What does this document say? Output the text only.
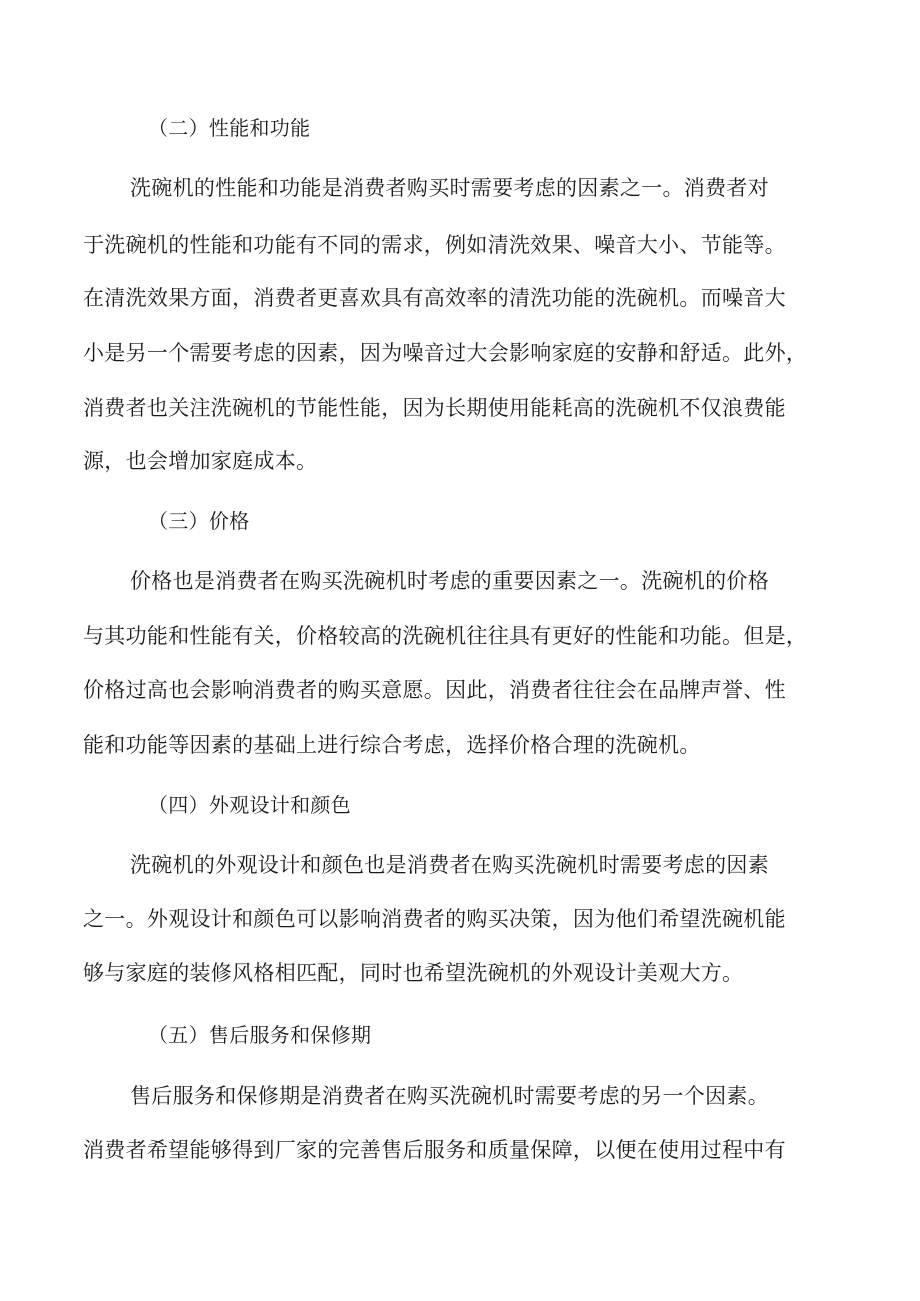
（二）性能和功能
洗碗机的性能和功能是消费者购买时需要考虑的因素之一。消费者对
于洗碗机的性能和功能有不同的需求，例如清洗效果、噪音大小、节能等。
在清洗效果方面，消费者更喜欢具有高效率的清洗功能的洗碗机。而噪音大
小是另一个需要考虑的因素，因为噪音过大会影响家庭的安静和舒适。此外，
消费者也关注洗碗机的节能性能，因为长期使用能耗高的洗碗机不仅浪费能
源，也会增加家庭成本。
（三）价格
价格也是消费者在购买洗碗机时考虑的重要因素之一。洗碗机的价格
与其功能和性能有关，价格较高的洗碗机往往具有更好的性能和功能。但是，
价格过高也会影响消费者的购买意愿。因此，消费者往往会在品牌声誉、性
能和功能等因素的基础上进行综合考虑，选择价格合理的洗碗机。
（四）外观设计和颜色
洗碗机的外观设计和颜色也是消费者在购买洗碗机时需要考虑的因素
之一。外观设计和颜色可以影响消费者的购买决策，因为他们希望洗碗机能
够与家庭的装修风格相匹配，同时也希望洗碗机的外观设计美观大方。
（五）售后服务和保修期
售后服务和保修期是消费者在购买洗碗机时需要考虑的另一个因素。
消费者希望能够得到厂家的完善售后服务和质量保障，以便在使用过程中有
